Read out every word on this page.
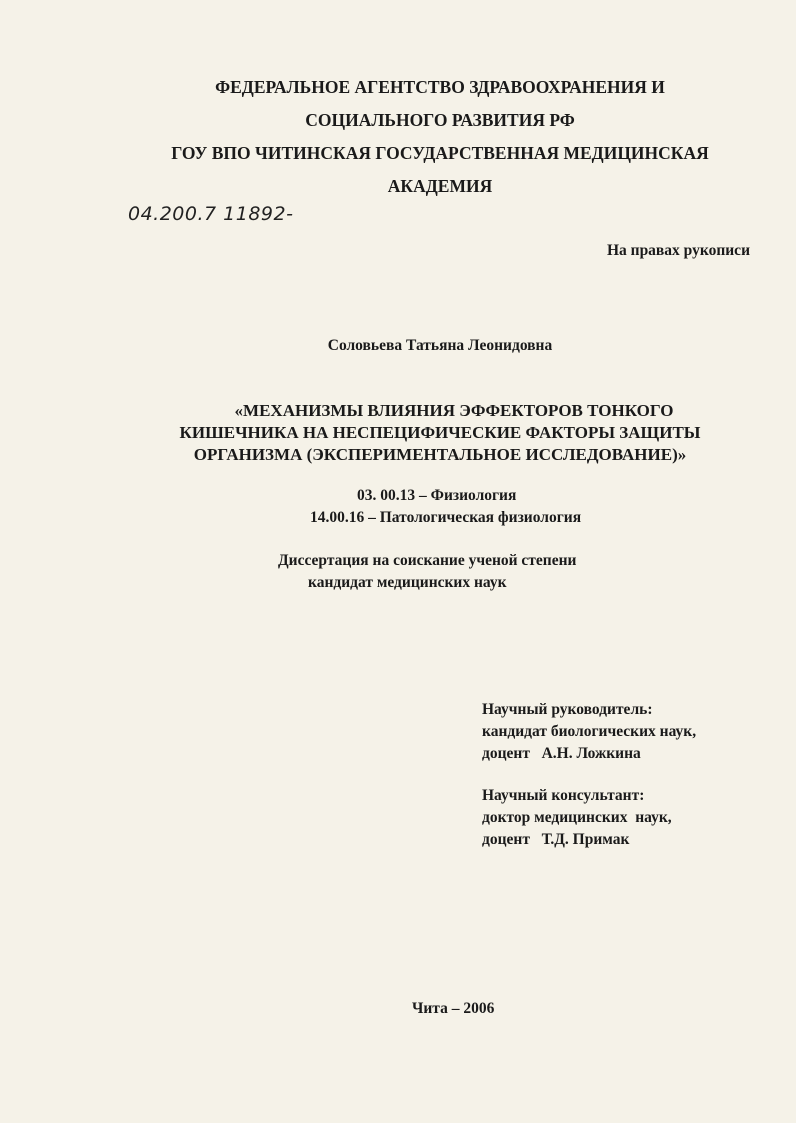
ФЕДЕРАЛЬНОЕ АГЕНТСТВО ЗДРАВООХРАНЕНИЯ И
СОЦИАЛЬНОГО РАЗВИТИЯ РФ
ГОУ ВПО ЧИТИНСКАЯ ГОСУДАРСТВЕННАЯ МЕДИЦИНСКАЯ
АКАДЕМИЯ
04.200.7 11892-
На правах рукописи
Соловьева Татьяна Леонидовна
«МЕХАНИЗМЫ ВЛИЯНИЯ ЭФФЕКТОРОВ ТОНКОГО
КИШЕЧНИКА НА НЕСПЕЦИФИЧЕСКИЕ ФАКТОРЫ ЗАЩИТЫ
ОРГАНИЗМА (ЭКСПЕРИМЕНТАЛЬНОЕ ИССЛЕДОВАНИЕ)»
03. 00.13 – Физиология
14.00.16 – Патологическая физиология
Диссертация на соискание ученой степени
кандидат медицинских наук
Научный руководитель:
кандидат биологических наук,
доцент   А.Н. Ложкина
Научный консультант:
доктор медицинских  наук,
доцент   Т.Д. Примак
Чита – 2006
